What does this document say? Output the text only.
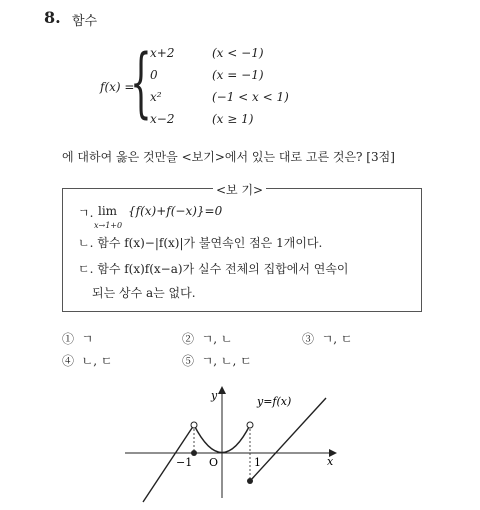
8. 함수
f(x) =
{
x+2	(x < −1)
0	(x = −1)
x²	(−1 < x < 1)
x−2	(x ≥ 1)
에 대하여 옳은 것만을 <보기>에서 있는 대로 고른 것은? [3점]
<보 기>
ㄱ. lim
x→1+0
{f(x)+f(−x)}=0
ㄴ. 함수 f(x)−|f(x)|가 불연속인 점은 1개이다.
ㄷ. 함수 f(x)f(x−a)가 실수 전체의 집합에서 연속이
되는 상수 a는 없다.
① ㄱ	② ㄱ, ㄴ	③ ㄱ, ㄷ
④ ㄴ, ㄷ	⑤ ㄱ, ㄴ, ㄷ
y
x
O
−1	1
y=f(x)
